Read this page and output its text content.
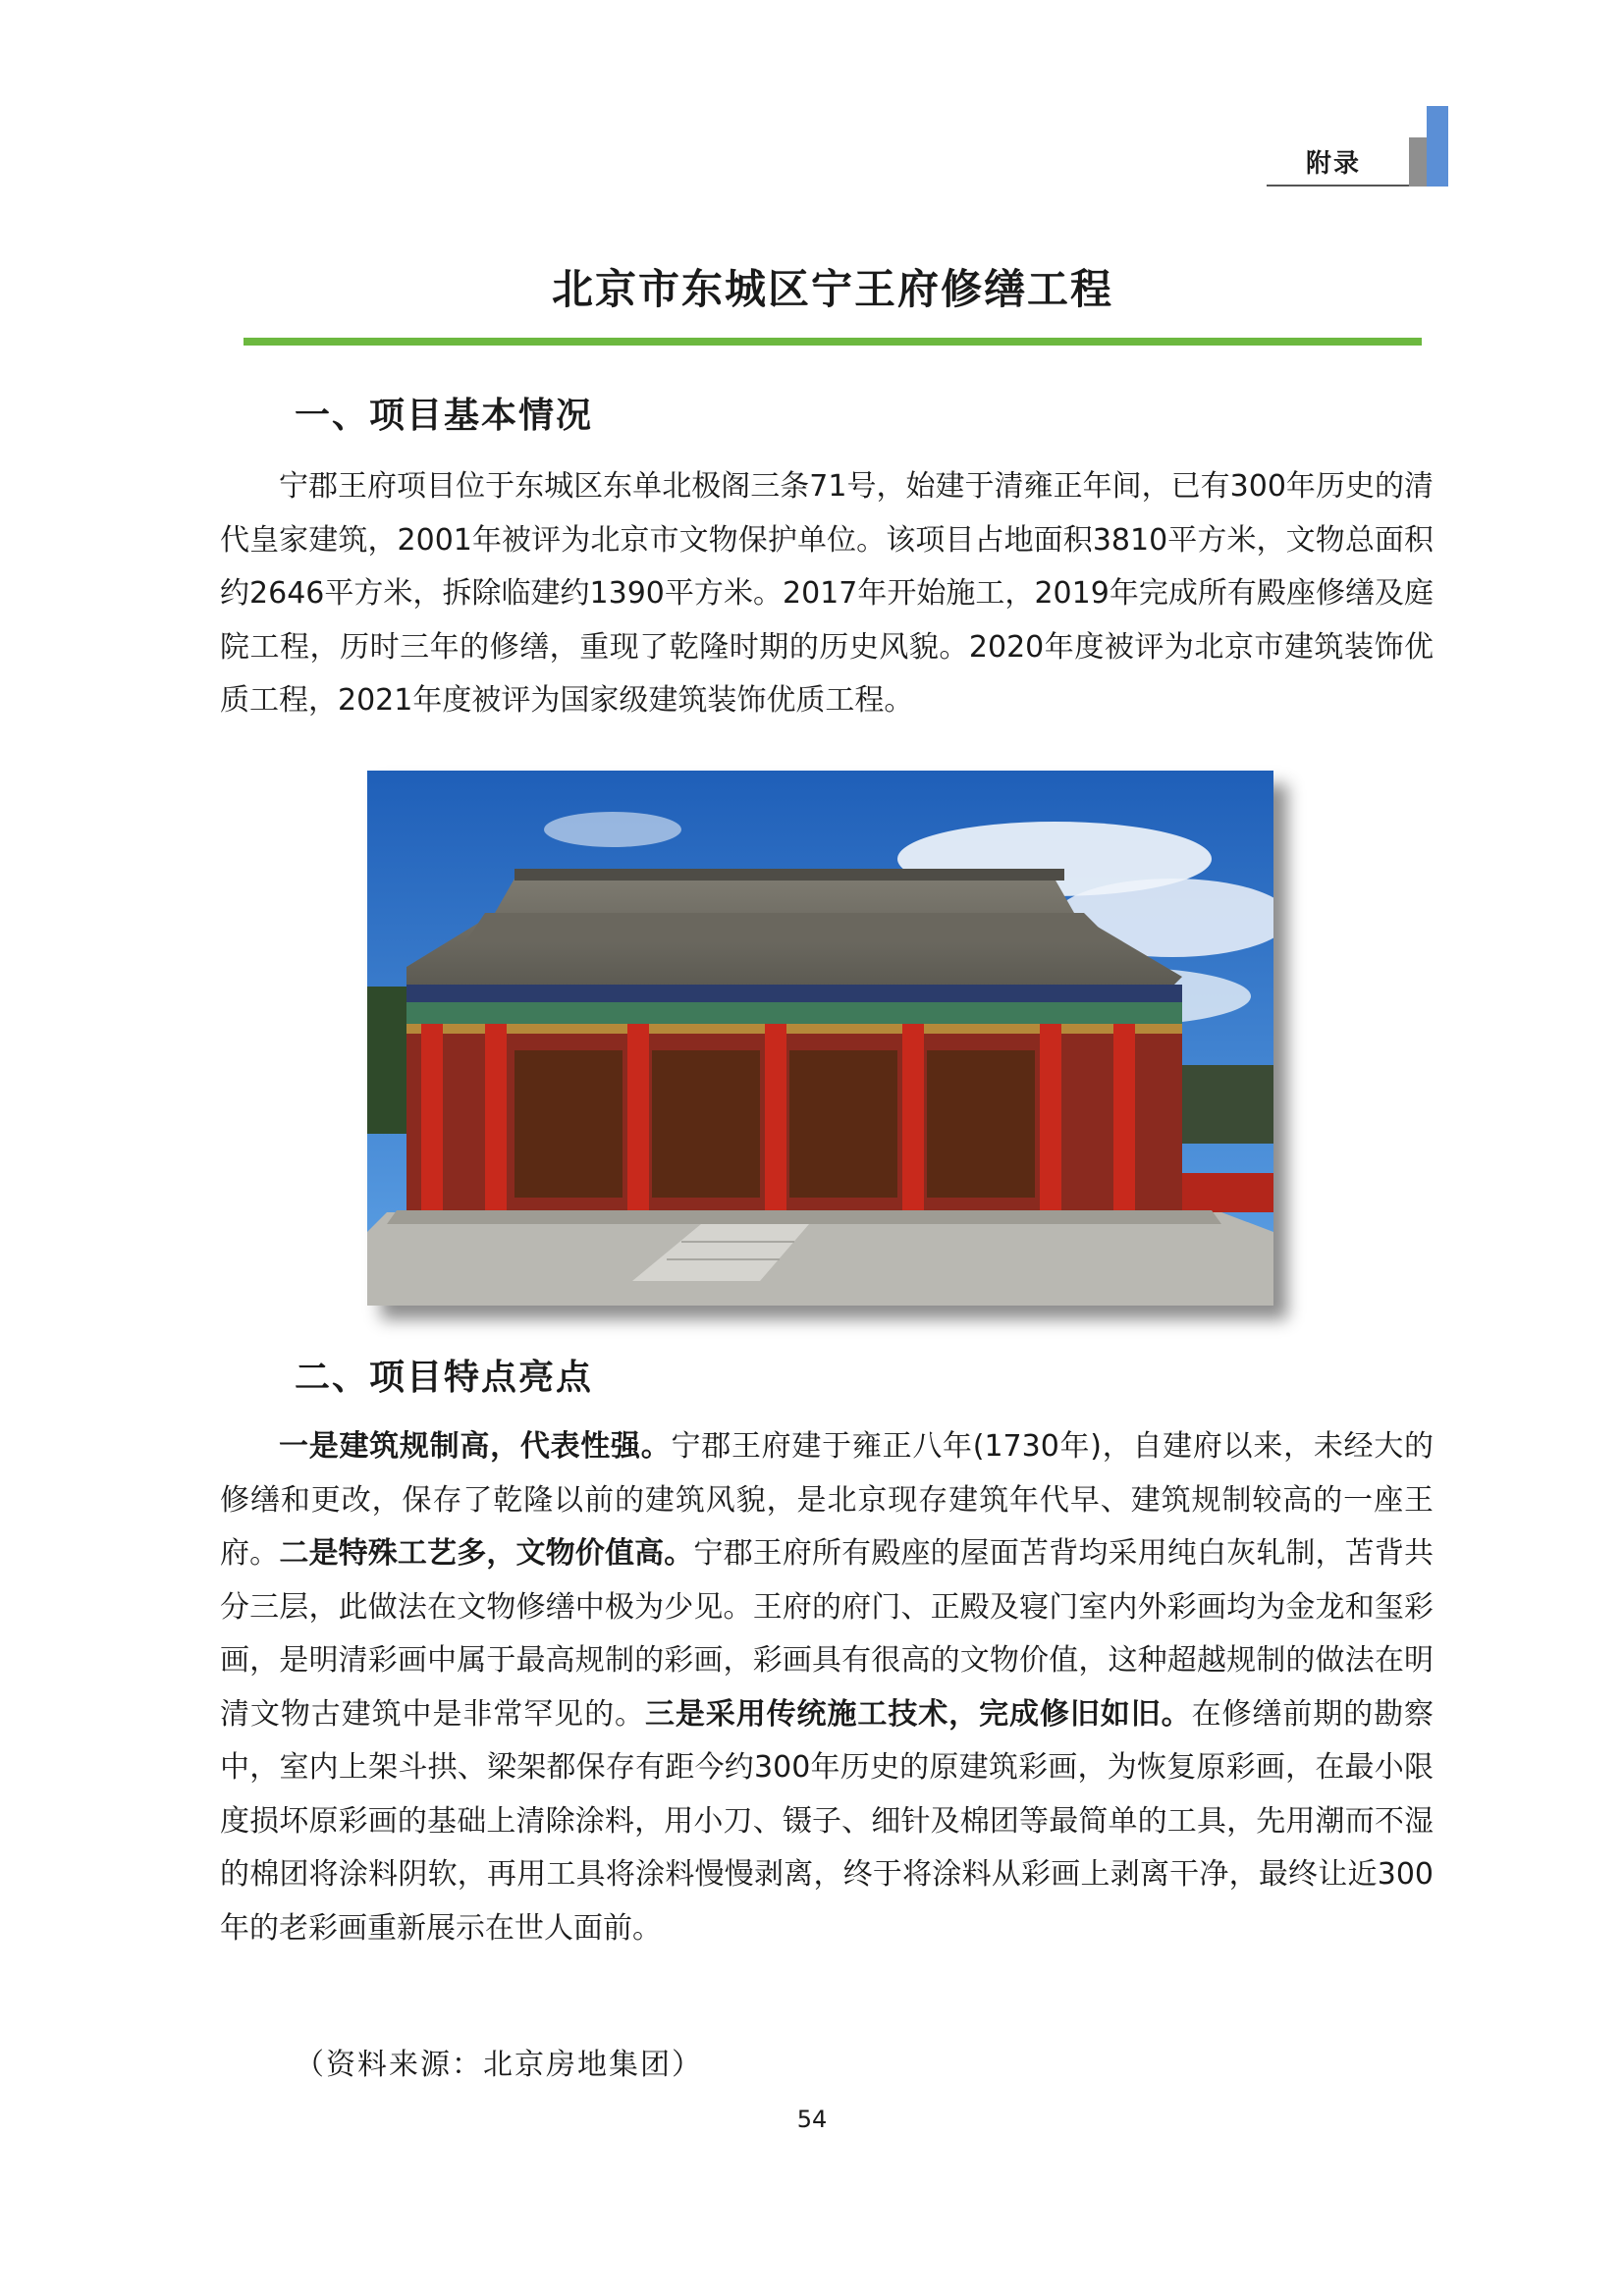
附录
北京市东城区宁王府修缮工程
一、项目基本情况

宁郡王府项目位于东城区东单北极阁三条71号，始建于清雍正年间，已有300年历史的清代皇家建筑，2001年被评为北京市文物保护单位。该项目占地面积3810平方米，文物总面积约2646平方米，拆除临建约1390平方米。2017年开始施工，2019年完成所有殿座修缮及庭院工程，历时三年的修缮，重现了乾隆时期的历史风貌。2020年度被评为北京市建筑装饰优质工程，2021年度被评为国家级建筑装饰优质工程。

二、项目特点亮点

一是建筑规制高，代表性强。宁郡王府建于雍正八年(1730年)，自建府以来，未经大的修缮和更改，保存了乾隆以前的建筑风貌，是北京现存建筑年代早、建筑规制较高的一座王府。二是特殊工艺多，文物价值高。宁郡王府所有殿座的屋面苫背均采用纯白灰轧制，苫背共分三层，此做法在文物修缮中极为少见。王府的府门、正殿及寝门室内外彩画均为金龙和玺彩画，是明清彩画中属于最高规制的彩画，彩画具有很高的文物价值，这种超越规制的做法在明清文物古建筑中是非常罕见的。三是采用传统施工技术，完成修旧如旧。在修缮前期的勘察中，室内上架斗拱、梁架都保存有距今约300年历史的原建筑彩画，为恢复原彩画，在最小限度损坏原彩画的基础上清除涂料，用小刀、镊子、细针及棉团等最简单的工具，先用潮而不湿的棉团将涂料阴软，再用工具将涂料慢慢剥离，终于将涂料从彩画上剥离干净，最终让近300年的老彩画重新展示在世人面前。

（资料来源：北京房地集团）
54
